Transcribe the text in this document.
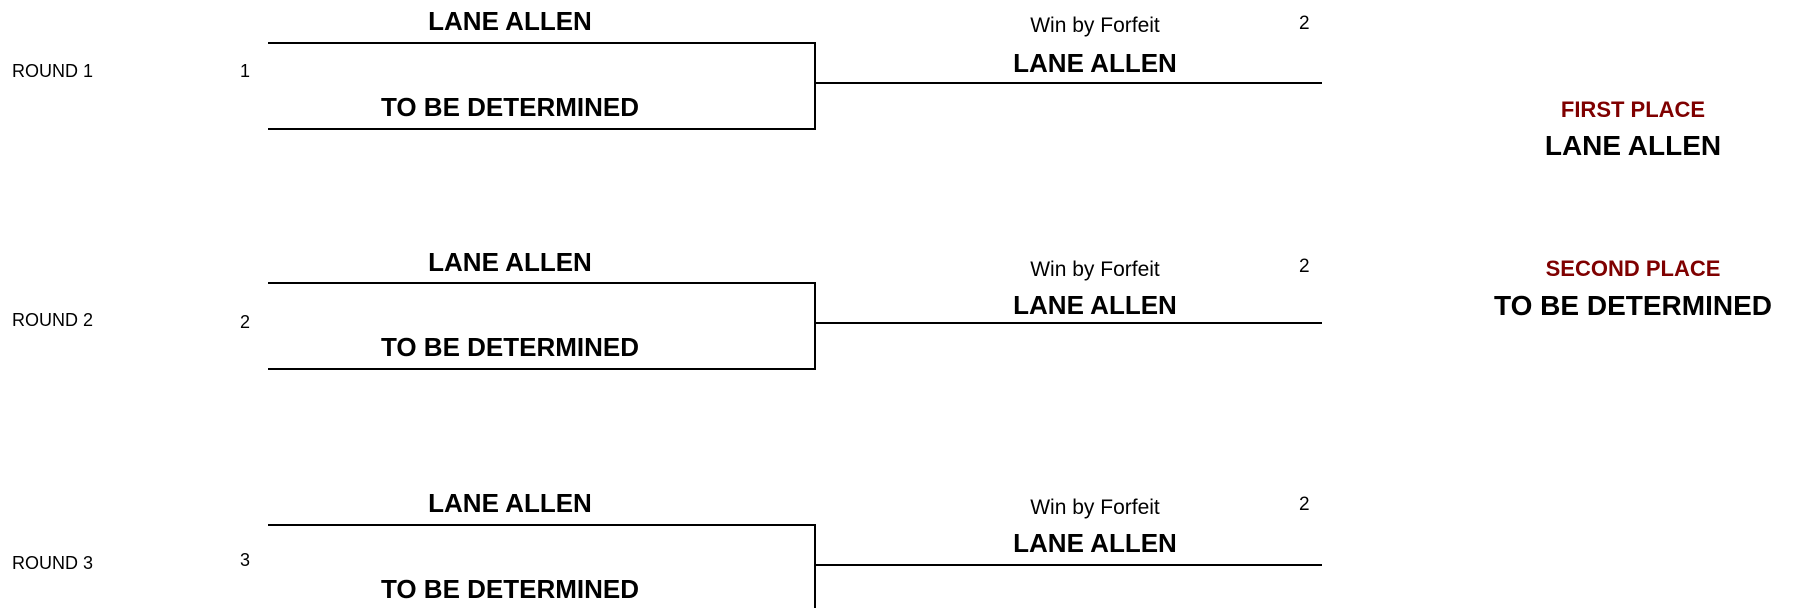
ROUND 1	1
LANE ALLEN
TO BE DETERMINED
Win by Forfeit	2
LANE ALLEN
ROUND 2	2
LANE ALLEN
TO BE DETERMINED
Win by Forfeit	2
LANE ALLEN
ROUND 3	3
LANE ALLEN
TO BE DETERMINED
Win by Forfeit	2
LANE ALLEN
FIRST PLACE
LANE ALLEN
SECOND PLACE
TO BE DETERMINED
